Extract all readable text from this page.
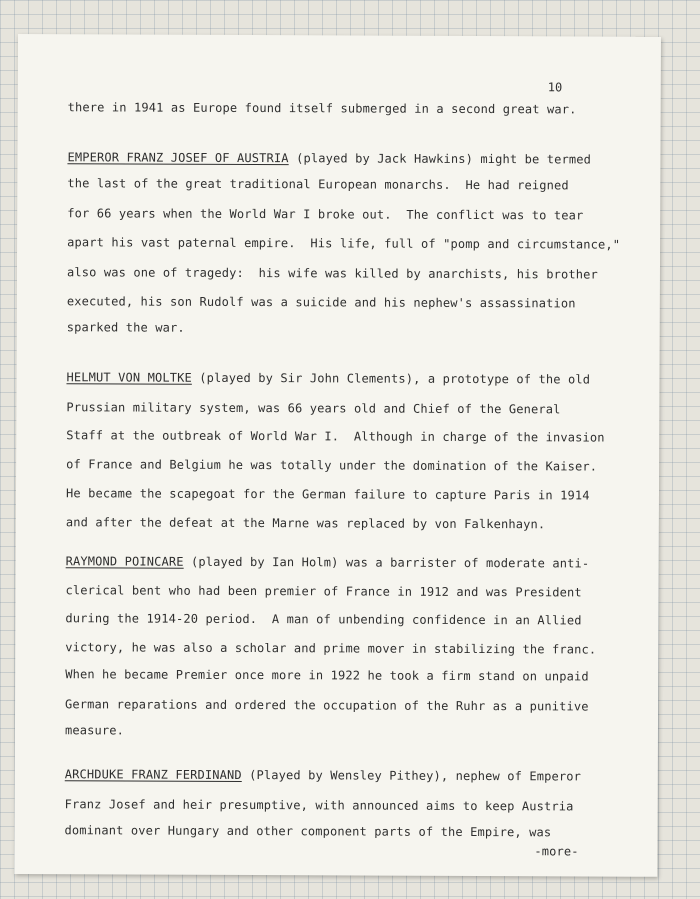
10
there in 1941 as Europe found itself submerged in a second great war.
EMPEROR FRANZ JOSEF OF AUSTRIA (played by Jack Hawkins) might be termed
the last of the great traditional European monarchs.  He had reigned
for 66 years when the World War I broke out.  The conflict was to tear
apart his vast paternal empire.  His life, full of "pomp and circumstance,"
also was one of tragedy:  his wife was killed by anarchists, his brother
executed, his son Rudolf was a suicide and his nephew's assassination
sparked the war.
HELMUT VON MOLTKE (played by Sir John Clements), a prototype of the old
Prussian military system, was 66 years old and Chief of the General
Staff at the outbreak of World War I.  Although in charge of the invasion
of France and Belgium he was totally under the domination of the Kaiser.
He became the scapegoat for the German failure to capture Paris in 1914
and after the defeat at the Marne was replaced by von Falkenhayn.
RAYMOND POINCARE (played by Ian Holm) was a barrister of moderate anti-
clerical bent who had been premier of France in 1912 and was President
during the 1914-20 period.  A man of unbending confidence in an Allied
victory, he was also a scholar and prime mover in stabilizing the franc.
When he became Premier once more in 1922 he took a firm stand on unpaid
German reparations and ordered the occupation of the Ruhr as a punitive
measure.
ARCHDUKE FRANZ FERDINAND (Played by Wensley Pithey), nephew of Emperor
Franz Josef and heir presumptive, with announced aims to keep Austria
dominant over Hungary and other component parts of the Empire, was
-more-
